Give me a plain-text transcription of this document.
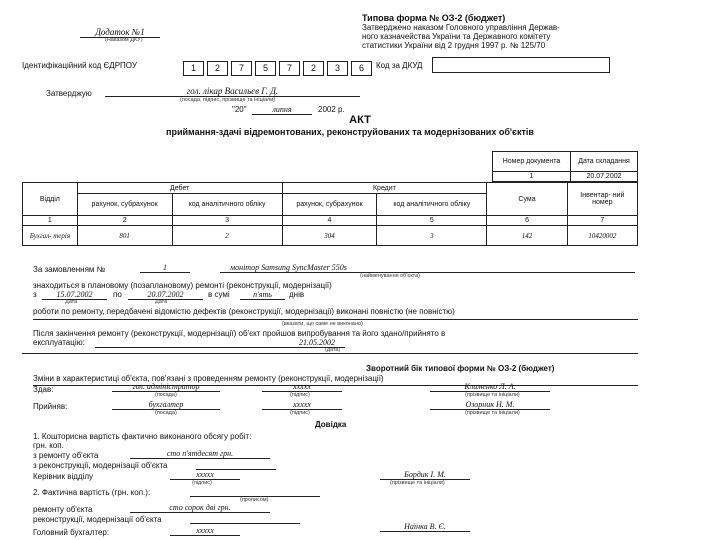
Додаток №1
(Наказом ДКУ)
Типова форма № ОЗ-2 (бюджет)
Затверджено наказом Головного управління Держав-
ного казначейства України та Державного комітету
статистики України від 2 грудня 1997 р. № 125/70
Ідентифікаційний код ЄДРПОУ	1 2 7 5 7 2 3 6	Код за ДКУД
Затверджую	гол. лікар Васильєв Г. Д.
(посада, підпис, прізвище та ініціали)
"20"	липня	2002 р.
АКТ
приймання-здачі відремонтованих, реконструйованих та модернізованих об'єктів
Номер документа	Дата складання
1	20.07.2002
Відділ	Дебет		Кредит		Сума	Інвентар- ний номер
	рахунок, субрахунок	код аналітичного обліку	рахунок, субрахунок	код аналітичного обліку		
1	2	3	4	5	6	7
Бухгал- терія	801	2	304	3	142	10420002
За замовленням №	1	монітор Samsung SyncMaster 550s
(найменування об'єкта)
знаходиться в плановому (позаплановому) ремонті (реконструкції, модернізації)
з	15.07.2002	по	20.07.2002	в сумі	п'ять	днів
Дата	Дата
роботи по ремонту, передбачені відомістю дефектів (реконструкції, модернізації) виконані повністю (не повністю)
(вказати, що саме не виконано)
Після закінчення ремонту (реконструкції, модернізації) об'єкт пройшов випробування та його здано/прийнято в
експлуатацію:	21.05.2002
(дата)
Зворотний бік типової форми № ОЗ-2 (бюджет)
Зміни в характеристиці об'єкта, пов'язані з проведенням ремонту (реконструкції, модернізації)
Здав:	гол. адміністратор	ххххх	Клименко Л. А.
(посада)	(підпис)	(прізвище та ініціали)
Прийняв:	бухгалтер	ххххх	Озорник Н. М.
(посада)	(підпис)	(прізвище та ініціали)
Довідка
1. Кошторисна вартість фактично виконаного обсягу робіт:
грн. коп.
з ремонту об'єкта	сто п'ятдесят грн.
з реконструкції, модернізації об'єкта
Керівник відділу	ххххх	Бордик І. М.
(підпис)	(прізвище та ініціали)
2. Фактична вартість (грн. коп.):
(прописом)
ремонту об'єкта	сто сорок дві грн.
реконструкції, модернізації об'єкта
Головний бухгалтер:	ххххх	Наїнка В. Є.
